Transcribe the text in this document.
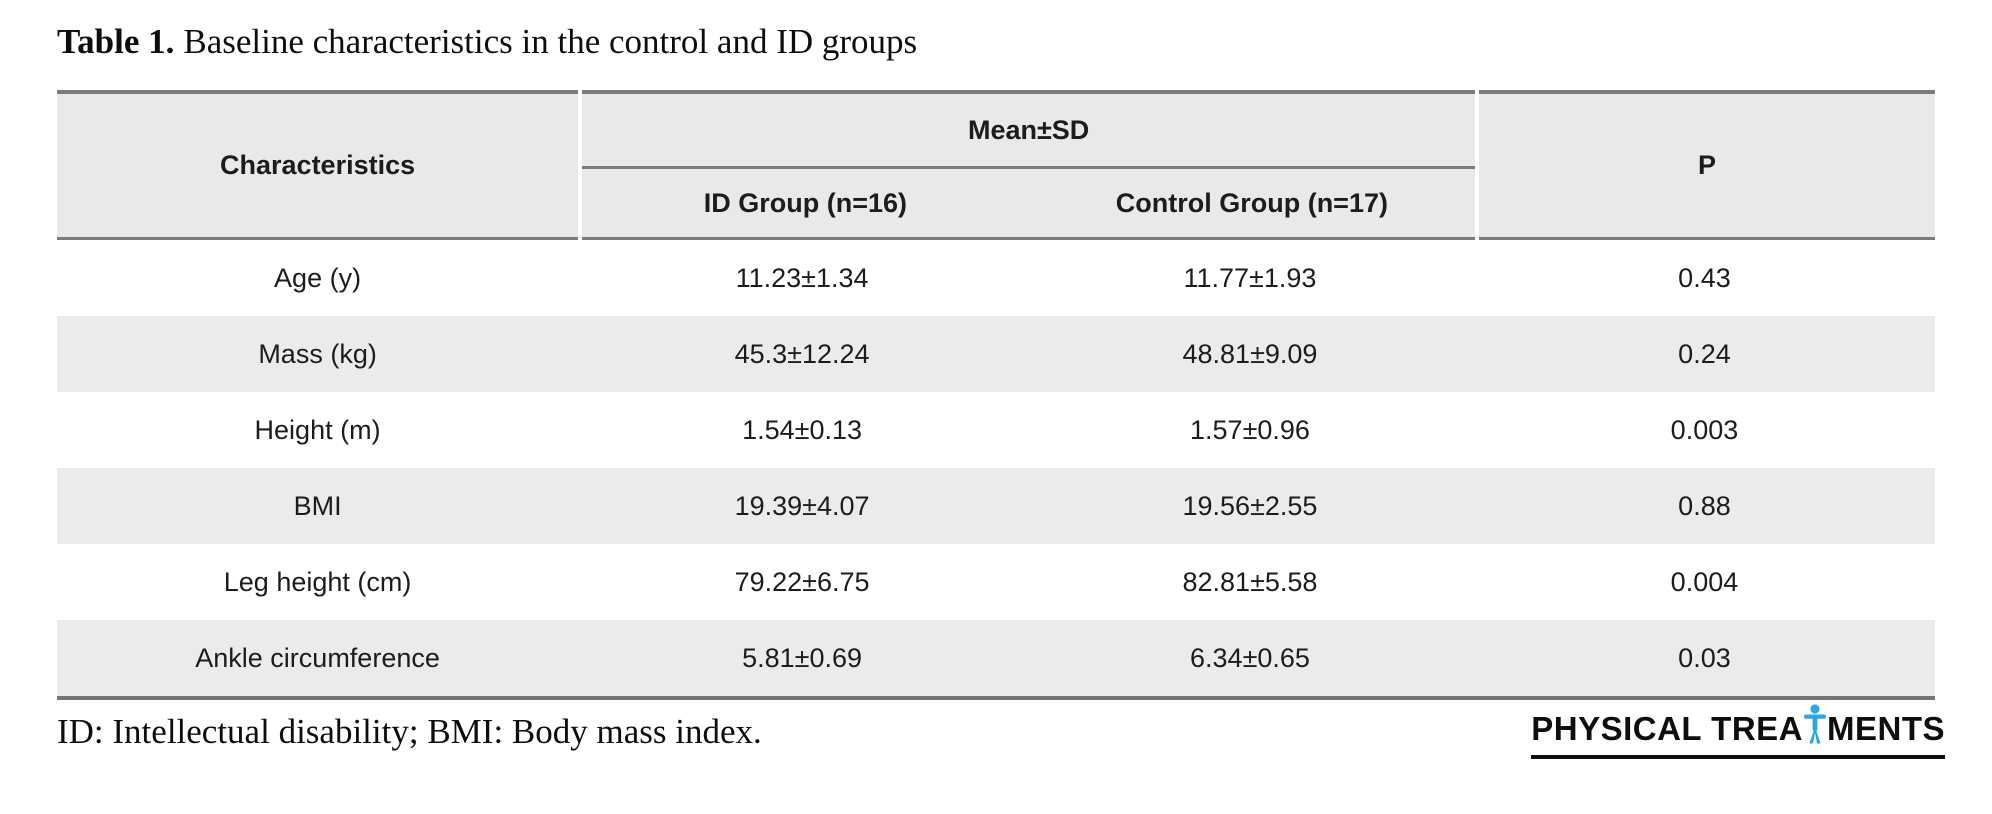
Table 1. Baseline characteristics in the control and ID groups
Characteristics
Mean±SD
ID Group (n=16)	Control Group (n=17)
P
Age (y)	11.23±1.34	11.77±1.93	0.43
Mass (kg)	45.3±12.24	48.81±9.09	0.24
Height (m)	1.54±0.13	1.57±0.96	0.003
BMI	19.39±4.07	19.56±2.55	0.88
Leg height (cm)	79.22±6.75	82.81±5.58	0.004
Ankle circumference	5.81±0.69	6.34±0.65	0.03
ID: Intellectual disability; BMI: Body mass index.	PHYSICAL TREA MENTS
